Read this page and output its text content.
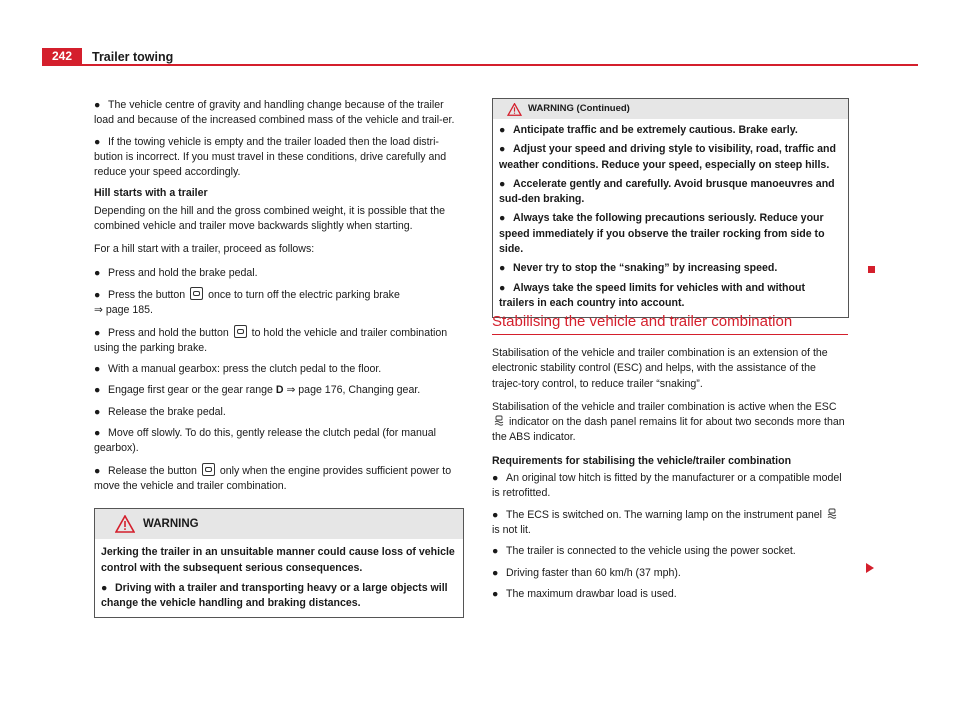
242	Trailer towing

● The vehicle centre of gravity and handling change because of the trailer load and because of the increased combined mass of the vehicle and trail-er.

● If the towing vehicle is empty and the trailer loaded then the load distri-bution is incorrect. If you must travel in these conditions, drive carefully and reduce your speed accordingly.

Hill starts with a trailer

Depending on the hill and the gross combined weight, it is possible that the combined vehicle and trailer move backwards slightly when starting.

For a hill start with a trailer, proceed as follows:

● Press and hold the brake pedal.

● Press the button once to turn off the electric parking brake
⇒ page 185.

● Press and hold the button to hold the vehicle and trailer combination using the parking brake.

● With a manual gearbox: press the clutch pedal to the floor.

● Engage first gear or the gear range D ⇒ page 176, Changing gear.

● Release the brake pedal.

● Move off slowly. To do this, gently release the clutch pedal (for manual gearbox).

● Release the button only when the engine provides sufficient power to move the vehicle and trailer combination.

WARNING

Jerking the trailer in an unsuitable manner could cause loss of vehicle control with the subsequent serious consequences.

● Driving with a trailer and transporting heavy or a large objects will change the vehicle handling and braking distances.

WARNING (Continued)

● Anticipate traffic and be extremely cautious. Brake early.

● Adjust your speed and driving style to visibility, road, traffic and weather conditions. Reduce your speed, especially on steep hills.

● Accelerate gently and carefully. Avoid brusque manoeuvres and sud-den braking.

● Always take the following precautions seriously. Reduce your speed immediately if you observe the trailer rocking from side to side.

● Never try to stop the “snaking” by increasing speed.

● Always take the speed limits for vehicles with and without trailers in each country into account.

Stabilising the vehicle and trailer combination

Stabilisation of the vehicle and trailer combination is an extension of the electronic stability control (ESC) and helps, with the assistance of the trajec-tory control, to reduce trailer “snaking”.

Stabilisation of the vehicle and trailer combination is active when the ESC  indicator on the dash panel remains lit for about two seconds more than the ABS indicator.

Requirements for stabilising the vehicle/trailer combination

● An original tow hitch is fitted by the manufacturer or a compatible model is retrofitted.

● The ECS is switched on. The warning lamp on the instrument panel  is not lit.

● The trailer is connected to the vehicle using the power socket.

● Driving faster than 60 km/h (37 mph).

● The maximum drawbar load is used.
